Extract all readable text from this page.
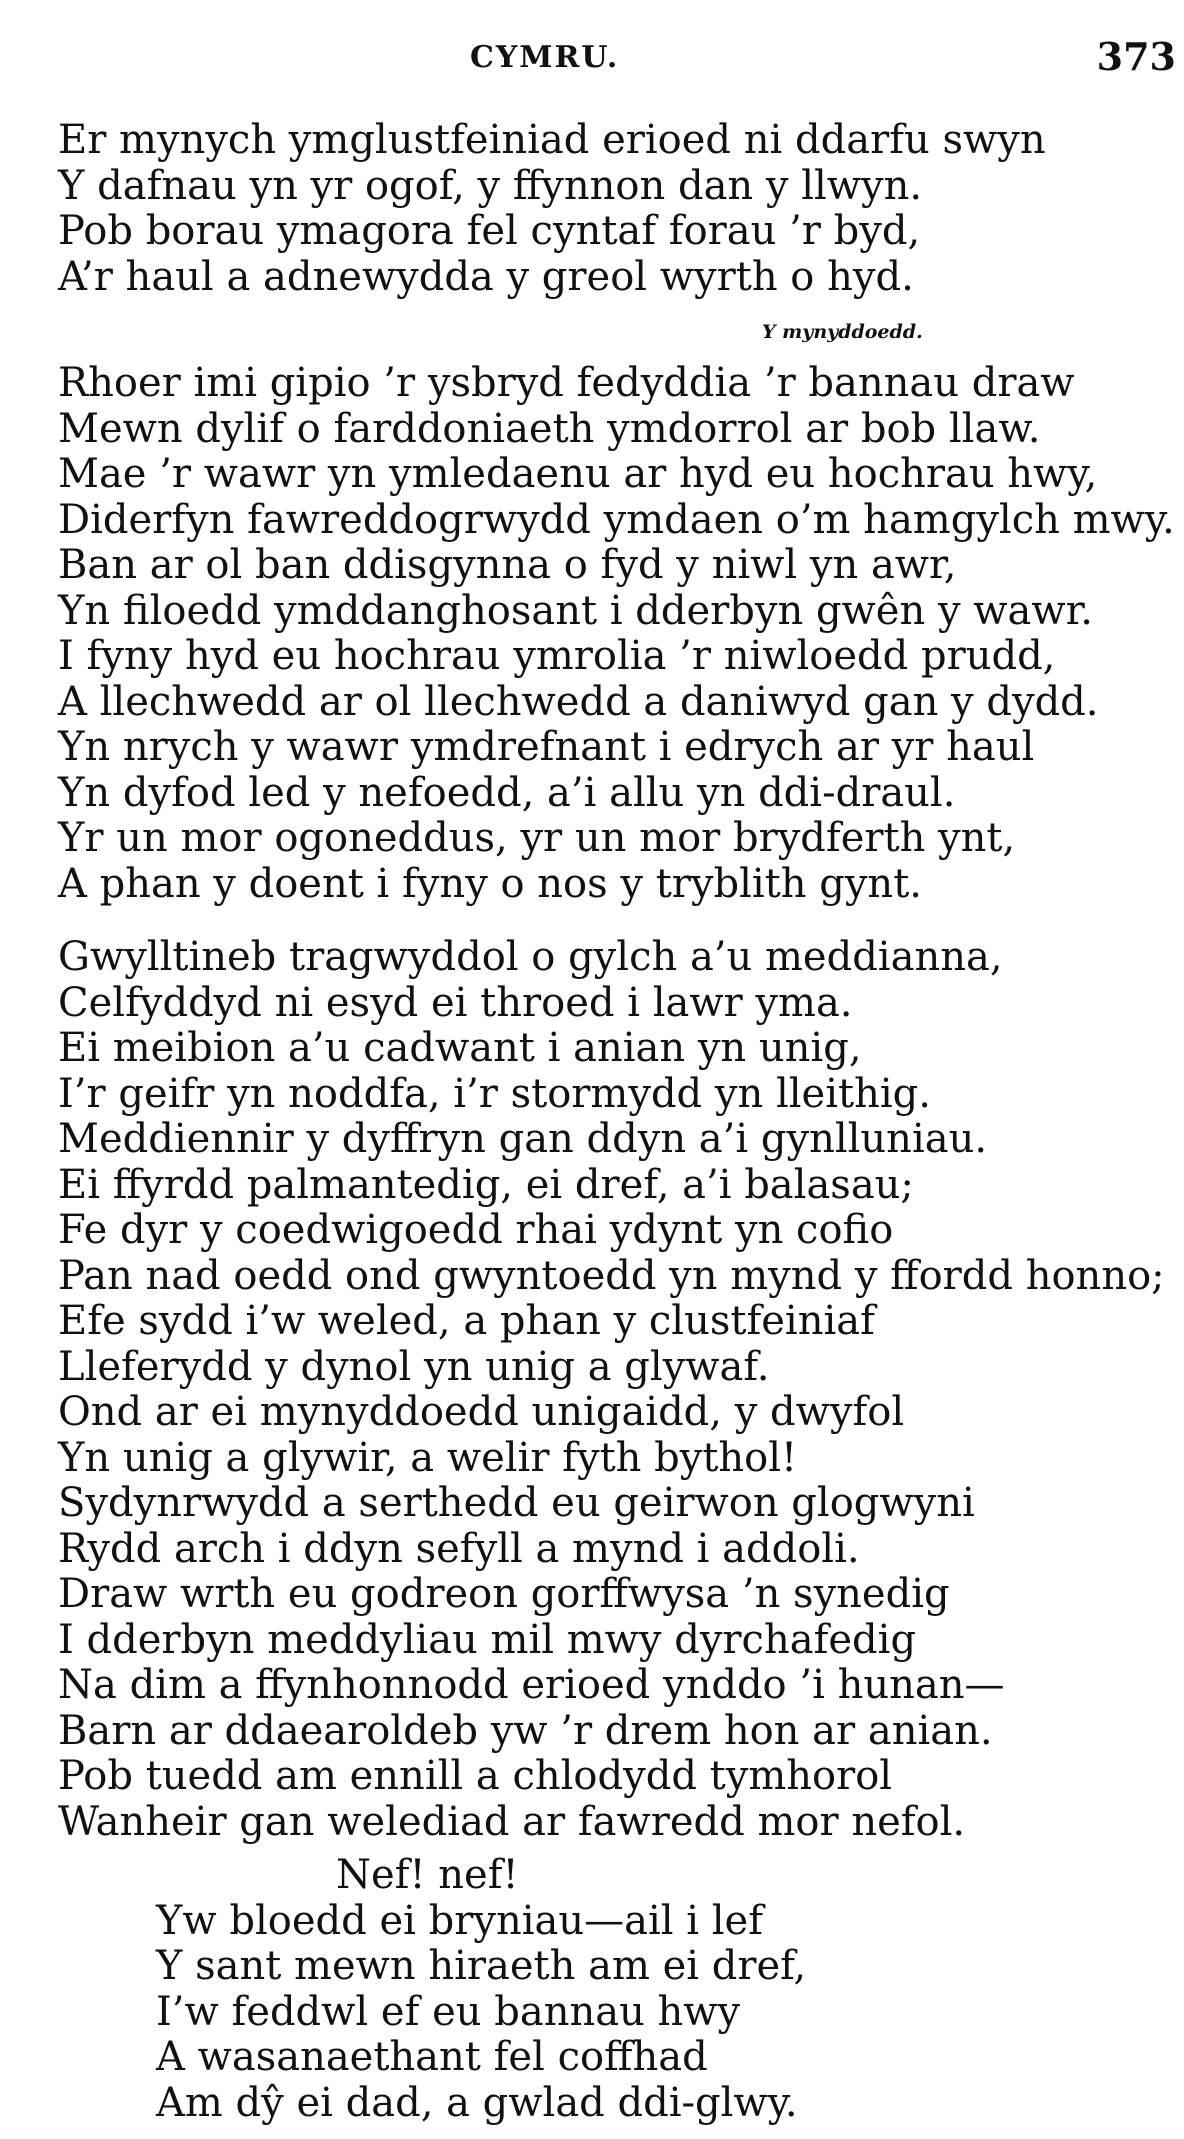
CYMRU.	373
Er mynych ymglustfeiniad erioed ni ddarfu swyn
Y dafnau yn yr ogof, y ffynnon dan y llwyn.
Pob borau ymagora fel cyntaf forau ’r byd,
A’r haul a adnewydda y greol wyrth o hyd.
Y mynyddoedd.
Rhoer imi gipio ’r ysbryd fedyddia ’r bannau draw
Mewn dylif o farddoniaeth ymdorrol ar bob llaw.
Mae ’r wawr yn ymledaenu ar hyd eu hochrau hwy,
Diderfyn fawreddogrwydd ymdaen o’m hamgylch mwy.
Ban ar ol ban ddisgynna o fyd y niwl yn awr,
Yn filoedd ymddanghosant i dderbyn gwên y wawr.
I fyny hyd eu hochrau ymrolia ’r niwloedd prudd,
A llechwedd ar ol llechwedd a daniwyd gan y dydd.
Yn nrych y wawr ymdrefnant i edrych ar yr haul
Yn dyfod led y nefoedd, a’i allu yn ddi-draul.
Yr un mor ogoneddus, yr un mor brydferth ynt,
A phan y doent i fyny o nos y tryblith gynt.
Gwylltineb tragwyddol o gylch a’u meddianna,
Celfyddyd ni esyd ei throed i lawr yma.
Ei meibion a’u cadwant i anian yn unig,
I’r geifr yn noddfa, i’r stormydd yn lleithig.
Meddiennir y dyffryn gan ddyn a’i gynlluniau.
Ei ffyrdd palmantedig, ei dref, a’i balasau;
Fe dyr y coedwigoedd rhai ydynt yn cofio
Pan nad oedd ond gwyntoedd yn mynd y ffordd honno;
Efe sydd i’w weled, a phan y clustfeiniaf
Lleferydd y dynol yn unig a glywaf.
Ond ar ei mynyddoedd unigaidd, y dwyfol
Yn unig a glywir, a welir fyth bythol!
Sydynrwydd a serthedd eu geirwon glogwyni
Rydd arch i ddyn sefyll a mynd i addoli.
Draw wrth eu godreon gorffwysa ’n synedig
I dderbyn meddyliau mil mwy dyrchafedig
Na dim a ffynhonnodd erioed ynddo ’i hunan—
Barn ar ddaearoldeb yw ’r drem hon ar anian.
Pob tuedd am ennill a chlodydd tymhorol
Wanheir gan welediad ar fawredd mor nefol.
Nef! nef!
Yw bloedd ei bryniau—ail i lef
Y sant mewn hiraeth am ei dref,
I’w feddwl ef eu bannau hwy
A wasanaethant fel coffhad
Am dŷ ei dad, a gwlad ddi-glwy.
